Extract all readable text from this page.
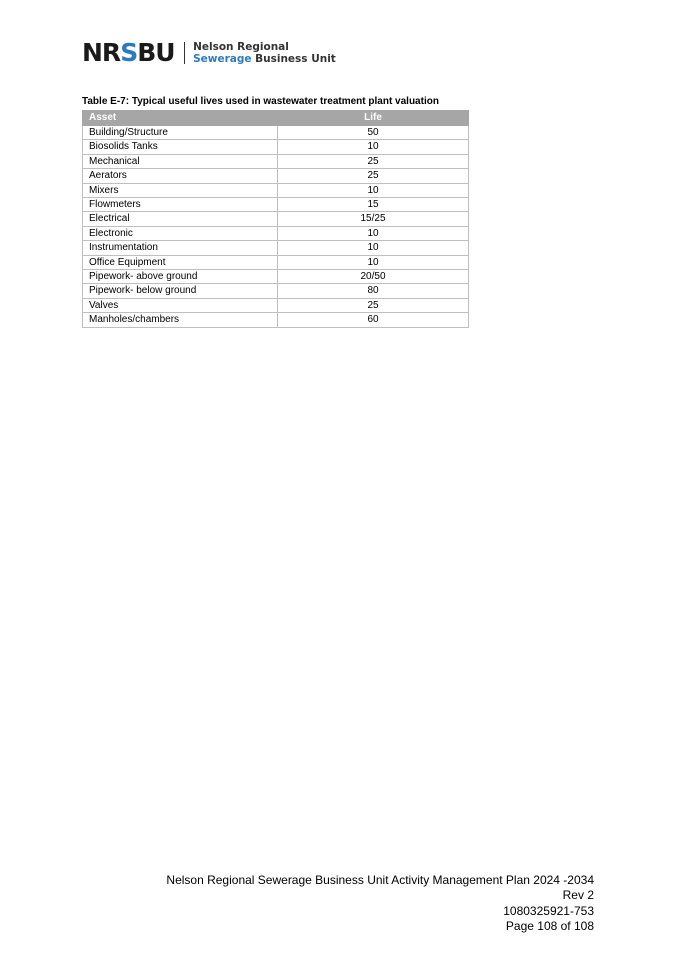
NRSBU Nelson Regional
Sewerage Business Unit
Table E-7: Typical useful lives used in wastewater treatment plant valuation
Asset	Life
Building/Structure	50
Biosolids Tanks	10
Mechanical	25
Aerators	25
Mixers	10
Flowmeters	15
Electrical	15/25
Electronic	10
Instrumentation	10
Office Equipment	10
Pipework- above ground	20/50
Pipework- below ground	80
Valves	25
Manholes/chambers	60
Nelson Regional Sewerage Business Unit Activity Management Plan 2024 -2034
Rev 2
1080325921-753
Page 108 of 108
